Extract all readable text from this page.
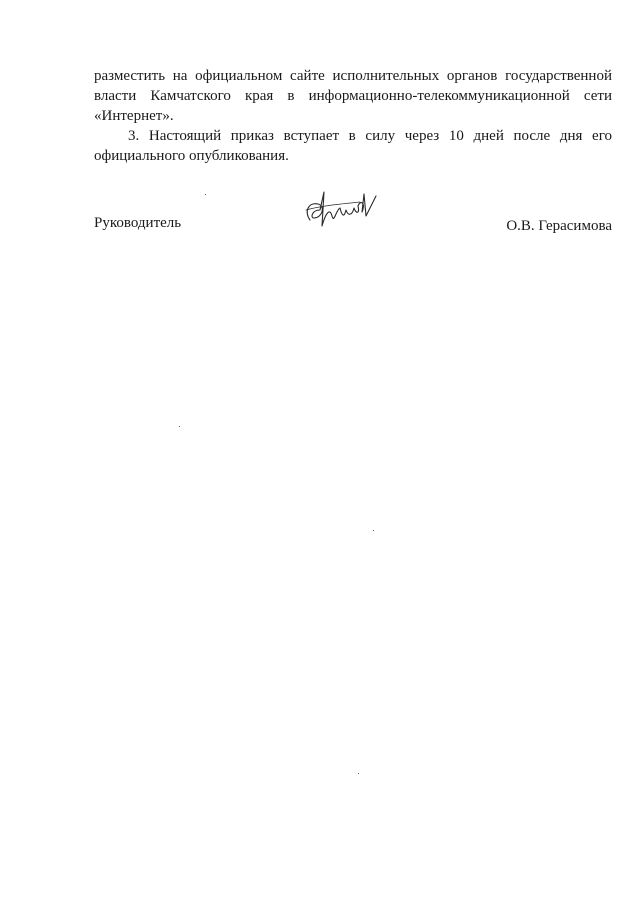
разместить на официальном сайте исполнительных органов государственной власти Камчатского края в информационно-телекоммуникационной сети «Интернет».

3. Настоящий приказ вступает в силу через 10 дней после дня его официального опубликования.

Руководитель	О.В. Герасимова
